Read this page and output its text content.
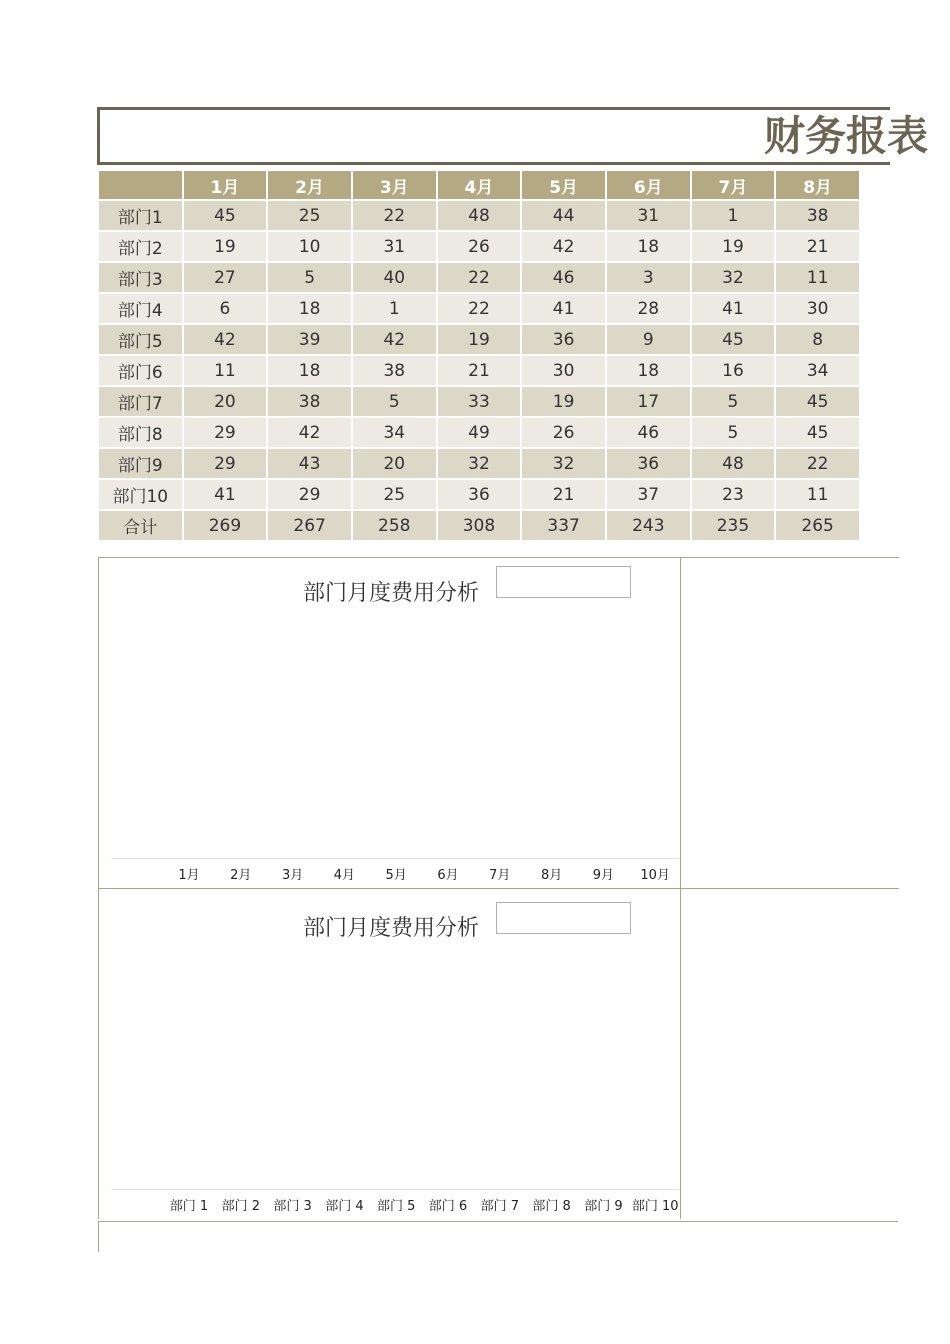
财务报表
	1月	2月	3月	4月	5月	6月	7月	8月
部门1	45	25	22	48	44	31	1	38
部门2	19	10	31	26	42	18	19	21
部门3	27	5	40	22	46	3	32	11
部门4	6	18	1	22	41	28	41	30
部门5	42	39	42	19	36	9	45	8
部门6	11	18	38	21	30	18	16	34
部门7	20	38	5	33	19	17	5	45
部门8	29	42	34	49	26	46	5	45
部门9	29	43	20	32	32	36	48	22
部门10	41	29	25	36	21	37	23	11
合计	269	267	258	308	337	243	235	265
部门月度费用分析
1月 2月 3月 4月 5月 6月 7月 8月 9月 10月
部门月度费用分析
部门 1 部门 2 部门 3 部门 4 部门 5 部门 6 部门 7 部门 8 部门 9 部门 10
